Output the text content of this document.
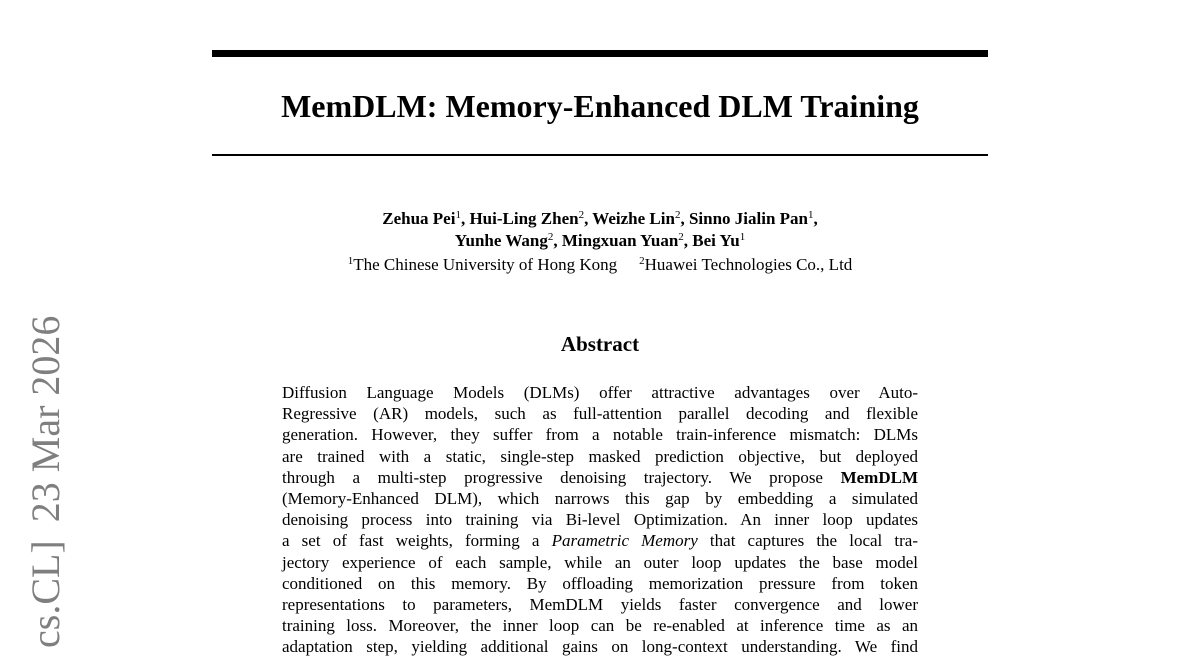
MemDLM: Memory-Enhanced DLM Training
Zehua Pei$^1$, Hui-Ling Zhen$^2$, Weizhe Lin$^2$, Sinno Jialin Pan$^1$,
Yunhe Wang$^2$, Mingxuan Yuan$^2$, Bei Yu$^1$
$^1$The Chinese University of Hong Kong $^2$Huawei Technologies Co., Ltd
Abstract
Diffusion Language Models (DLMs) offer attractive advantages over Auto-
Regressive (AR) models, such as full-attention parallel decoding and flexible
generation. However, they suffer from a notable train-inference mismatch: DLMs
are trained with a static, single-step masked prediction objective, but deployed
through a multi-step progressive denoising trajectory. We propose MemDLM
(Memory-Enhanced DLM), which narrows this gap by embedding a simulated
denoising process into training via Bi-level Optimization. An inner loop updates
a set of fast weights, forming a Parametric Memory that captures the local tra-
jectory experience of each sample, while an outer loop updates the base model
conditioned on this memory. By offloading memorization pressure from token
representations to parameters, MemDLM yields faster convergence and lower
training loss. Moreover, the inner loop can be re-enabled at inference time as an
adaptation step, yielding additional gains on long-context understanding. We find
cs.CL]23 Mar 2026
